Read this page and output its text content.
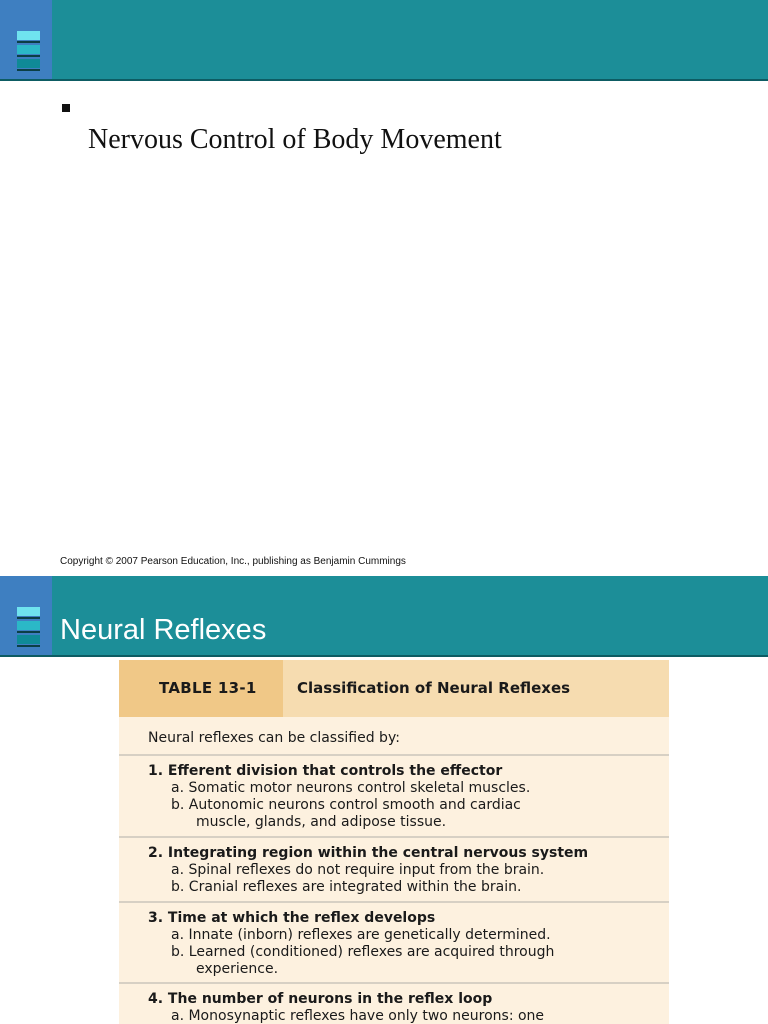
Nervous Control of Body Movement
Copyright © 2007 Pearson Education, Inc., publishing as Benjamin Cummings
Neural Reflexes
TABLE 13-1	Classification of Neural Reflexes
Neural reflexes can be classified by:
1. Efferent division that controls the effector
a. Somatic motor neurons control skeletal muscles.
b. Autonomic neurons control smooth and cardiac
muscle, glands, and adipose tissue.
2. Integrating region within the central nervous system
a. Spinal reflexes do not require input from the brain.
b. Cranial reflexes are integrated within the brain.
3. Time at which the reflex develops
a. Innate (inborn) reflexes are genetically determined.
b. Learned (conditioned) reflexes are acquired through
experience.
4. The number of neurons in the reflex loop
a. Monosynaptic reflexes have only two neurons: one
